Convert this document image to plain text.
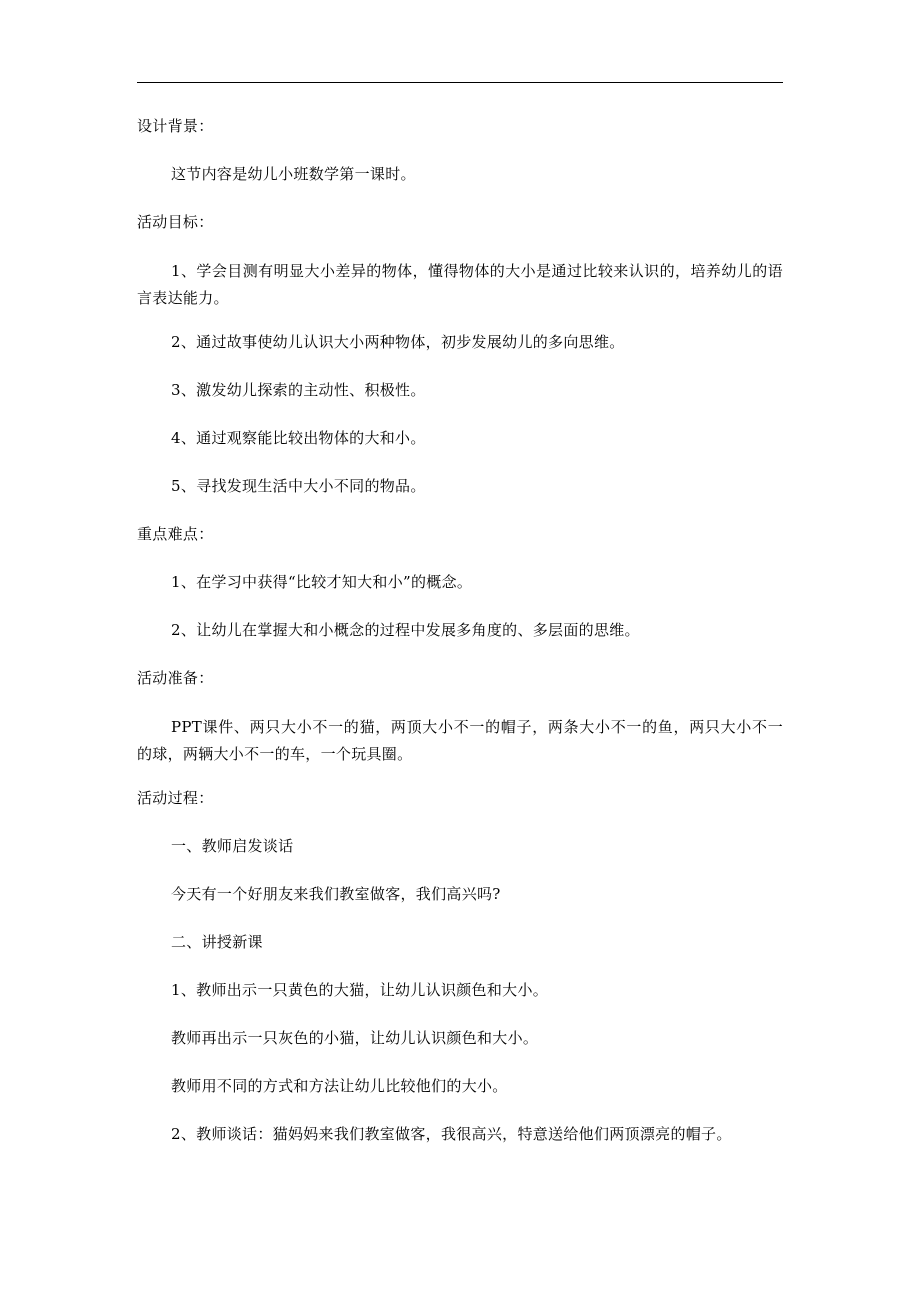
设计背景：
这节内容是幼儿小班数学第一课时。
活动目标：
1、学会目测有明显大小差异的物体，懂得物体的大小是通过比较来认识的，培养幼儿的语言表达能力。
2、通过故事使幼儿认识大小两种物体，初步发展幼儿的多向思维。
3、激发幼儿探索的主动性、积极性。
4、通过观察能比较出物体的大和小。
5、寻找发现生活中大小不同的物品。
重点难点：
1、在学习中获得“比较才知大和小”的概念。
2、让幼儿在掌握大和小概念的过程中发展多角度的、多层面的思维。
活动准备：
PPT课件、两只大小不一的猫，两顶大小不一的帽子，两条大小不一的鱼，两只大小不一的球，两辆大小不一的车，一个玩具圈。
活动过程：
一、教师启发谈话
今天有一个好朋友来我们教室做客，我们高兴吗?
二、讲授新课
1、教师出示一只黄色的大猫，让幼儿认识颜色和大小。
教师再出示一只灰色的小猫，让幼儿认识颜色和大小。
教师用不同的方式和方法让幼儿比较他们的大小。
2、教师谈话：猫妈妈来我们教室做客，我很高兴，特意送给他们两顶漂亮的帽子。
